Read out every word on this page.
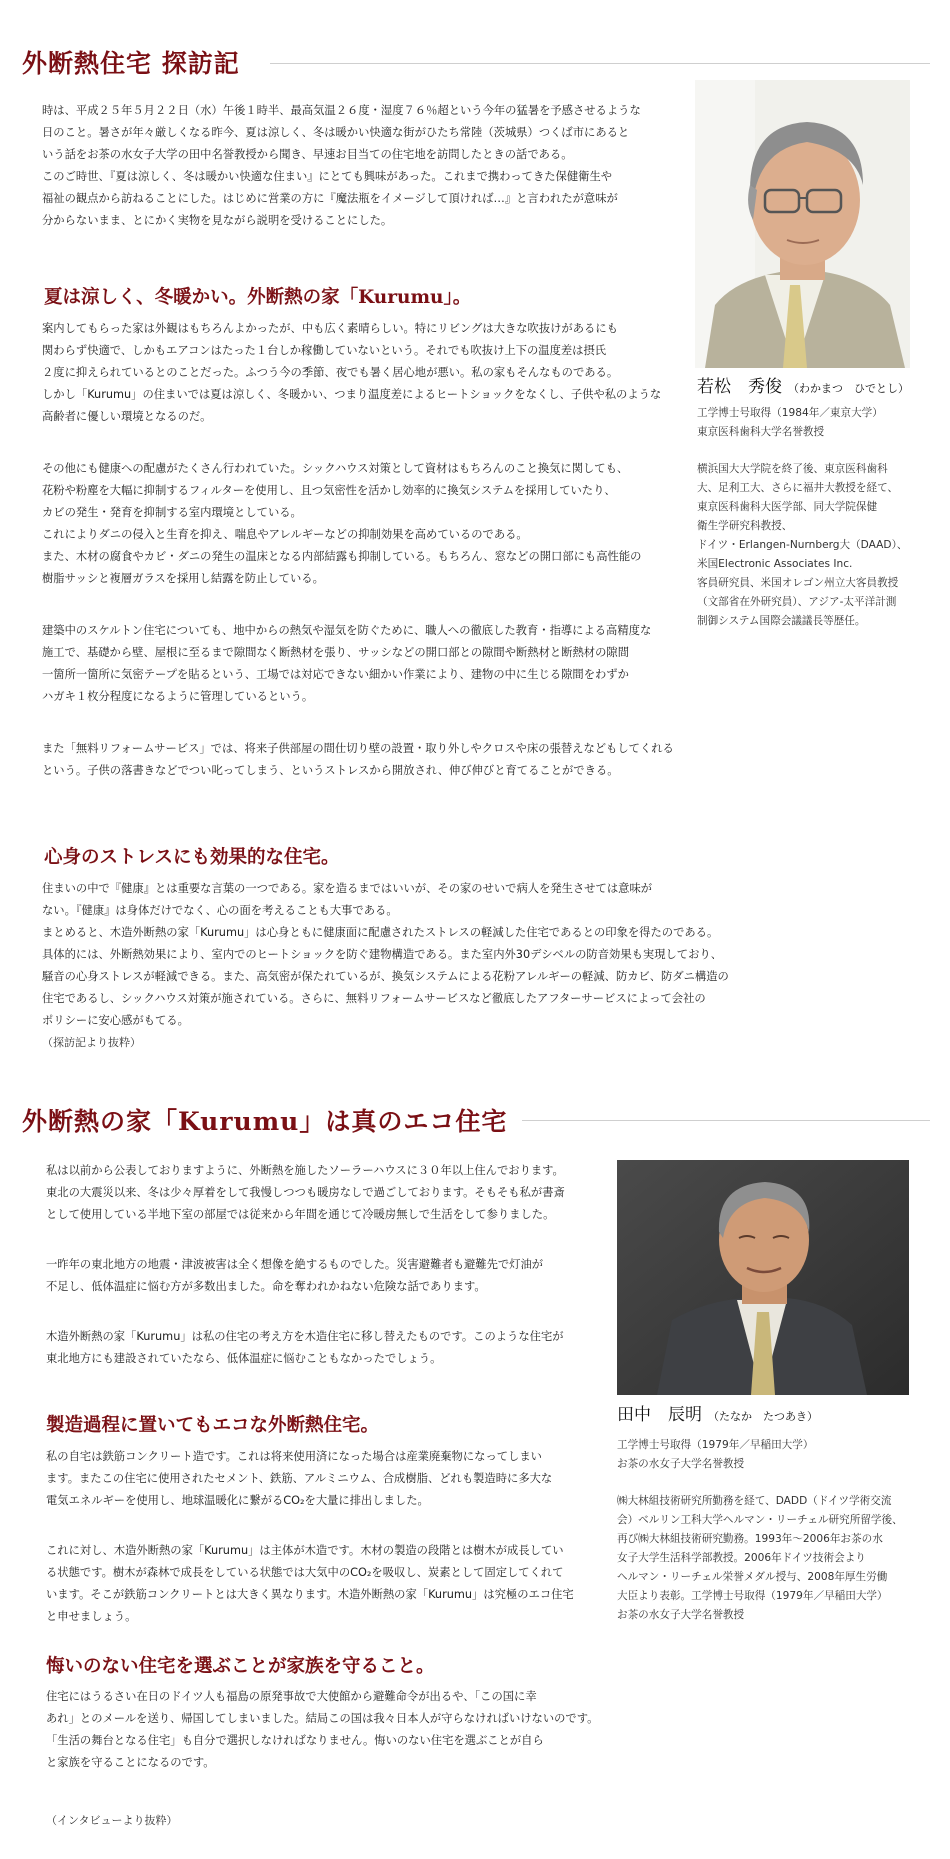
外断熱住宅 探訪記
若松　秀俊 （わかまつ　ひでとし）

工学博士号取得（1984年／東京大学）

東京医科歯科大学名誉教授

横浜国大大学院を終了後、東京医科歯科

大、足利工大、さらに福井大教授を経て、

東京医科歯科大医学部、同大学院保健

衛生学研究科教授、

ドイツ・Erlangen-Nurnberg大（DAAD）、

米国Electronic Associates Inc.

客員研究員、米国オレゴン州立大客員教授

（文部省在外研究員）、アジア-太平洋計測

制御システム国際会議議長等歴任。

時は、平成２５年５月２２日（水）午後１時半、最高気温２６度・湿度７６％超という今年の猛暑を予感させるような

日のこと。暑さが年々厳しくなる昨今、夏は涼しく、冬は暖かい快適な街がひたち常陸（茨城県）つくば市にあると

いう話をお茶の水女子大学の田中名誉教授から聞き、早速お目当ての住宅地を訪問したときの話である。

このご時世、『夏は涼しく、冬は暖かい快適な住まい』にとても興味があった。これまで携わってきた保健衛生や

福祉の観点から訪ねることにした。はじめに営業の方に『魔法瓶をイメージして頂ければ…』と言われたが意味が

分からないまま、とにかく実物を見ながら説明を受けることにした。

夏は涼しく、冬暖かい。外断熱の家「Kurumu」。

案内してもらった家は外観はもちろんよかったが、中も広く素晴らしい。特にリビングは大きな吹抜けがあるにも

関わらず快適で、しかもエアコンはたった１台しか稼働していないという。それでも吹抜け上下の温度差は摂氏

２度に抑えられているとのことだった。ふつう今の季節、夜でも暑く居心地が悪い。私の家もそんなものである。

しかし「Kurumu」の住まいでは夏は涼しく、冬暖かい、つまり温度差によるヒートショックをなくし、子供や私のような

高齢者に優しい環境となるのだ。

その他にも健康への配慮がたくさん行われていた。シックハウス対策として資材はもちろんのこと換気に関しても、

花粉や粉塵を大幅に抑制するフィルターを使用し、且つ気密性を活かし効率的に換気システムを採用していたり、

カビの発生・発育を抑制する室内環境としている。

これによりダニの侵入と生育を抑え、喘息やアレルギーなどの抑制効果を高めているのである。

また、木材の腐食やカビ・ダニの発生の温床となる内部結露も抑制している。もちろん、窓などの開口部にも高性能の

樹脂サッシと複層ガラスを採用し結露を防止している。

建築中のスケルトン住宅についても、地中からの熱気や湿気を防ぐために、職人への徹底した教育・指導による高精度な

施工で、基礎から壁、屋根に至るまで隙間なく断熱材を張り、サッシなどの開口部との隙間や断熱材と断熱材の隙間

一箇所一箇所に気密テープを貼るという、工場では対応できない細かい作業により、建物の中に生じる隙間をわずか

ハガキ１枚分程度になるように管理しているという。

また「無料リフォームサービス」では、将来子供部屋の間仕切り壁の設置・取り外しやクロスや床の張替えなどもしてくれる

という。子供の落書きなどでつい叱ってしまう、というストレスから開放され、伸び伸びと育てることができる。

心身のストレスにも効果的な住宅。

住まいの中で『健康』とは重要な言葉の一つである。家を造るまではいいが、その家のせいで病人を発生させては意味が

ない。『健康』は身体だけでなく、心の面を考えることも大事である。

まとめると、木造外断熱の家「Kurumu」は心身ともに健康面に配慮されたストレスの軽減した住宅であるとの印象を得たのである。

具体的には、外断熱効果により、室内でのヒートショックを防ぐ建物構造である。また室内外30デシベルの防音効果も実現しており、

騒音の心身ストレスが軽減できる。また、高気密が保たれているが、換気システムによる花粉アレルギーの軽減、防カビ、防ダニ構造の

住宅であるし、シックハウス対策が施されている。さらに、無料リフォームサービスなど徹底したアフターサービスによって会社の

ポリシーに安心感がもてる。

（探訪記より抜粋）

外断熱の家「Kurumu」は真のエコ住宅
田中　辰明 （たなか　たつあき）

工学博士号取得（1979年／早稲田大学）

お茶の水女子大学名誉教授

㈱大林組技術研究所勤務を経て、DADD（ドイツ学術交流

会）ベルリン工科大学ヘルマン・リーチェル研究所留学後、

再び㈱大林組技術研究勤務。1993年～2006年お茶の水

女子大学生活科学部教授。2006年ドイツ技術会より

ヘルマン・リーチェル栄誉メダル授与、2008年厚生労働

大臣より表彰。工学博士号取得（1979年／早稲田大学）

お茶の水女子大学名誉教授

私は以前から公表しておりますように、外断熱を施したソーラーハウスに３０年以上住んでおります。

東北の大震災以来、冬は少々厚着をして我慢しつつも暖房なしで過ごしております。そもそも私が書斎

として使用している半地下室の部屋では従来から年間を通じて冷暖房無しで生活をして参りました。

一昨年の東北地方の地震・津波被害は全く想像を絶するものでした。災害避難者も避難先で灯油が

不足し、低体温症に悩む方が多数出ました。命を奪われかねない危険な話であります。

木造外断熱の家「Kurumu」は私の住宅の考え方を木造住宅に移し替えたものです。このような住宅が

東北地方にも建設されていたなら、低体温症に悩むこともなかったでしょう。

製造過程に置いてもエコな外断熱住宅。

私の自宅は鉄筋コンクリート造です。これは将来使用済になった場合は産業廃棄物になってしまい

ます。またこの住宅に使用されたセメント、鉄筋、アルミニウム、合成樹脂、どれも製造時に多大な

電気エネルギーを使用し、地球温暖化に繋がるCO₂を大量に排出しました。

これに対し、木造外断熱の家「Kurumu」は主体が木造です。木材の製造の段階とは樹木が成長してい

る状態です。樹木が森林で成長をしている状態では大気中のCO₂を吸収し、炭素として固定してくれて

います。そこが鉄筋コンクリートとは大きく異なります。木造外断熱の家「Kurumu」は究極のエコ住宅

と申せましょう。

悔いのない住宅を選ぶことが家族を守ること。

住宅にはうるさい在日のドイツ人も福島の原発事故で大使館から避難命令が出るや、「この国に幸

あれ」とのメールを送り、帰国してしまいました。結局この国は我々日本人が守らなければいけないのです。

「生活の舞台となる住宅」も自分で選択しなければなりません。悔いのない住宅を選ぶことが自ら

と家族を守ることになるのです。

（インタビューより抜粋）
